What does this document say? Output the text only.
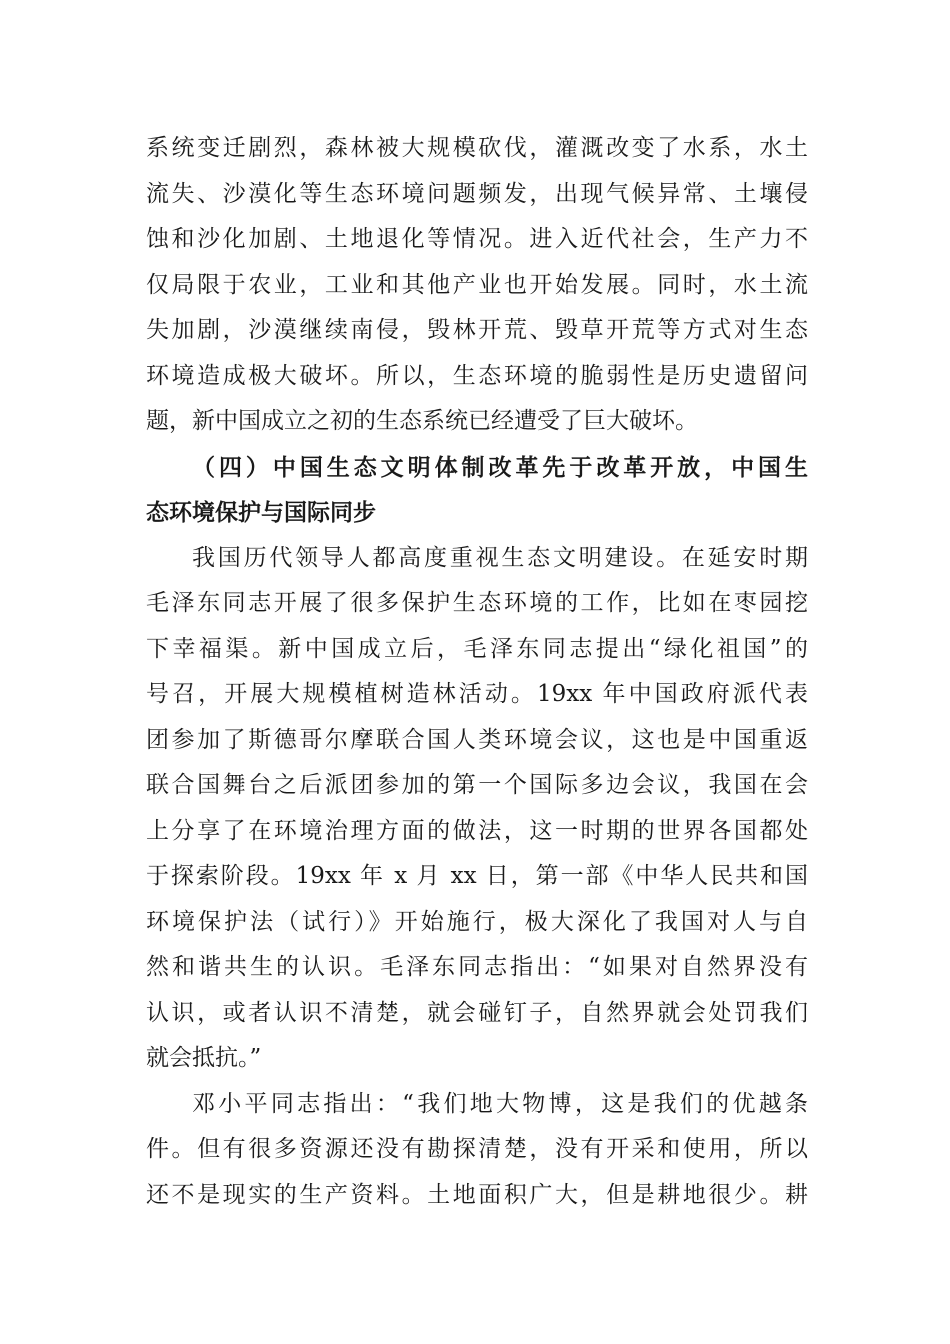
系统变迁剧烈，森林被大规模砍伐，灌溉改变了水系，水土
流失、沙漠化等生态环境问题频发，出现气候异常、土壤侵
蚀和沙化加剧、土地退化等情况。进入近代社会，生产力不
仅局限于农业，工业和其他产业也开始发展。同时，水土流
失加剧，沙漠继续南侵，毁林开荒、毁草开荒等方式对生态
环境造成极大破坏。所以，生态环境的脆弱性是历史遗留问
题，新中国成立之初的生态系统已经遭受了巨大破坏。
（四）中国生态文明体制改革先于改革开放，中国生
态环境保护与国际同步
我国历代领导人都高度重视生态文明建设。在延安时期
毛泽东同志开展了很多保护生态环境的工作，比如在枣园挖
下幸福渠。新中国成立后，毛泽东同志提出“绿化祖国”的
号召，开展大规模植树造林活动。19xx 年中国政府派代表
团参加了斯德哥尔摩联合国人类环境会议，这也是中国重返
联合国舞台之后派团参加的第一个国际多边会议，我国在会
上分享了在环境治理方面的做法，这一时期的世界各国都处
于探索阶段。19xx 年 x 月 xx 日，第一部《中华人民共和国
环境保护法（试行）》开始施行，极大深化了我国对人与自
然和谐共生的认识。毛泽东同志指出：“如果对自然界没有
认识，或者认识不清楚，就会碰钉子，自然界就会处罚我们
就会抵抗。”
邓小平同志指出：“我们地大物博，这是我们的优越条
件。但有很多资源还没有勘探清楚，没有开采和使用，所以
还不是现实的生产资料。土地面积广大，但是耕地很少。耕
